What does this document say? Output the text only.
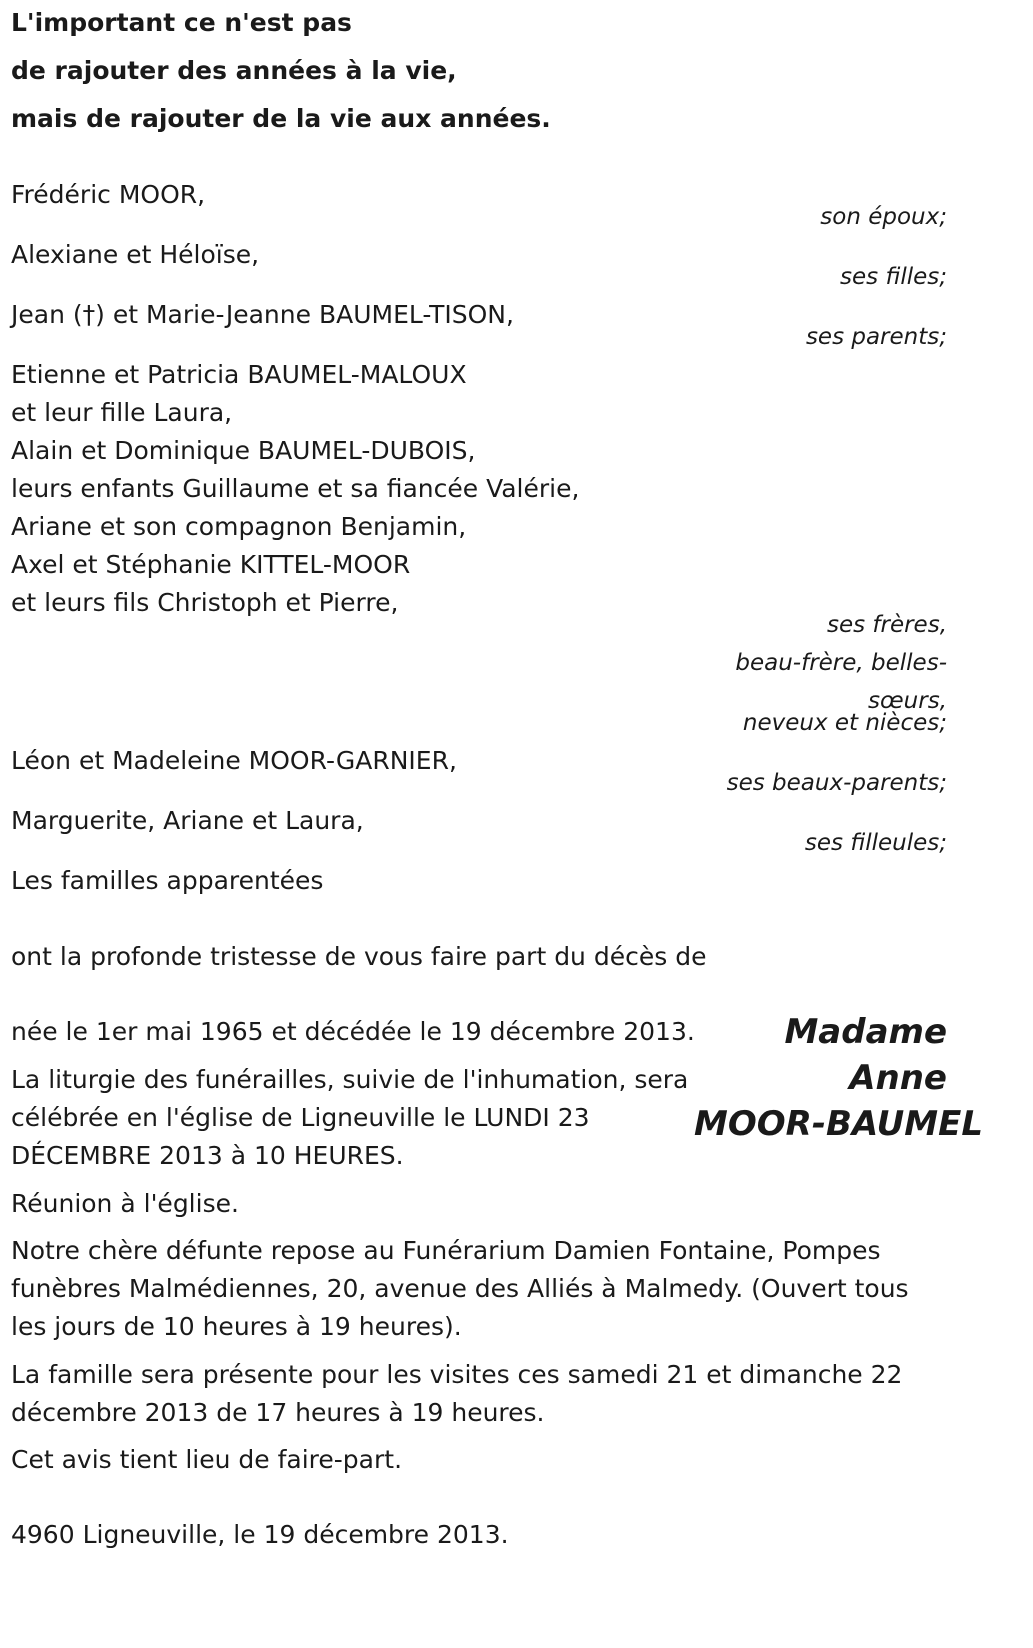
L'important ce n'est pas
de rajouter des années à la vie,
mais de rajouter de la vie aux années.
Frédéric MOOR,
son époux;
Alexiane et Héloïse,
ses filles;
Jean (†) et Marie-Jeanne BAUMEL-TISON,
ses parents;
Etienne et Patricia BAUMEL-MALOUX
et leur fille Laura,
Alain et Dominique BAUMEL-DUBOIS,
leurs enfants Guillaume et sa fiancée Valérie,
Ariane et son compagnon Benjamin,
Axel et Stéphanie KITTEL-MOOR
et leurs fils Christoph et Pierre,
ses frères,
beau-frère, belles-
sœurs,
neveux et nièces;
Léon et Madeleine MOOR-GARNIER,
ses beaux-parents;
Marguerite, Ariane et Laura,
ses filleules;
Les familles apparentées
ont la profonde tristesse de vous faire part du décès de
Madame
Anne
MOOR-BAUMEL
née le 1er mai 1965 et décédée le 19 décembre 2013.
La liturgie des funérailles, suivie de l'inhumation, sera
célébrée en l'église de Ligneuville le LUNDI 23
DÉCEMBRE 2013 à 10 HEURES.
Réunion à l'église.
Notre chère défunte repose au Funérarium Damien Fontaine, Pompes
funèbres Malmédiennes, 20, avenue des Alliés à Malmedy. (Ouvert tous
les jours de 10 heures à 19 heures).
La famille sera présente pour les visites ces samedi 21 et dimanche 22
décembre 2013 de 17 heures à 19 heures.
Cet avis tient lieu de faire-part.
4960 Ligneuville, le 19 décembre 2013.
